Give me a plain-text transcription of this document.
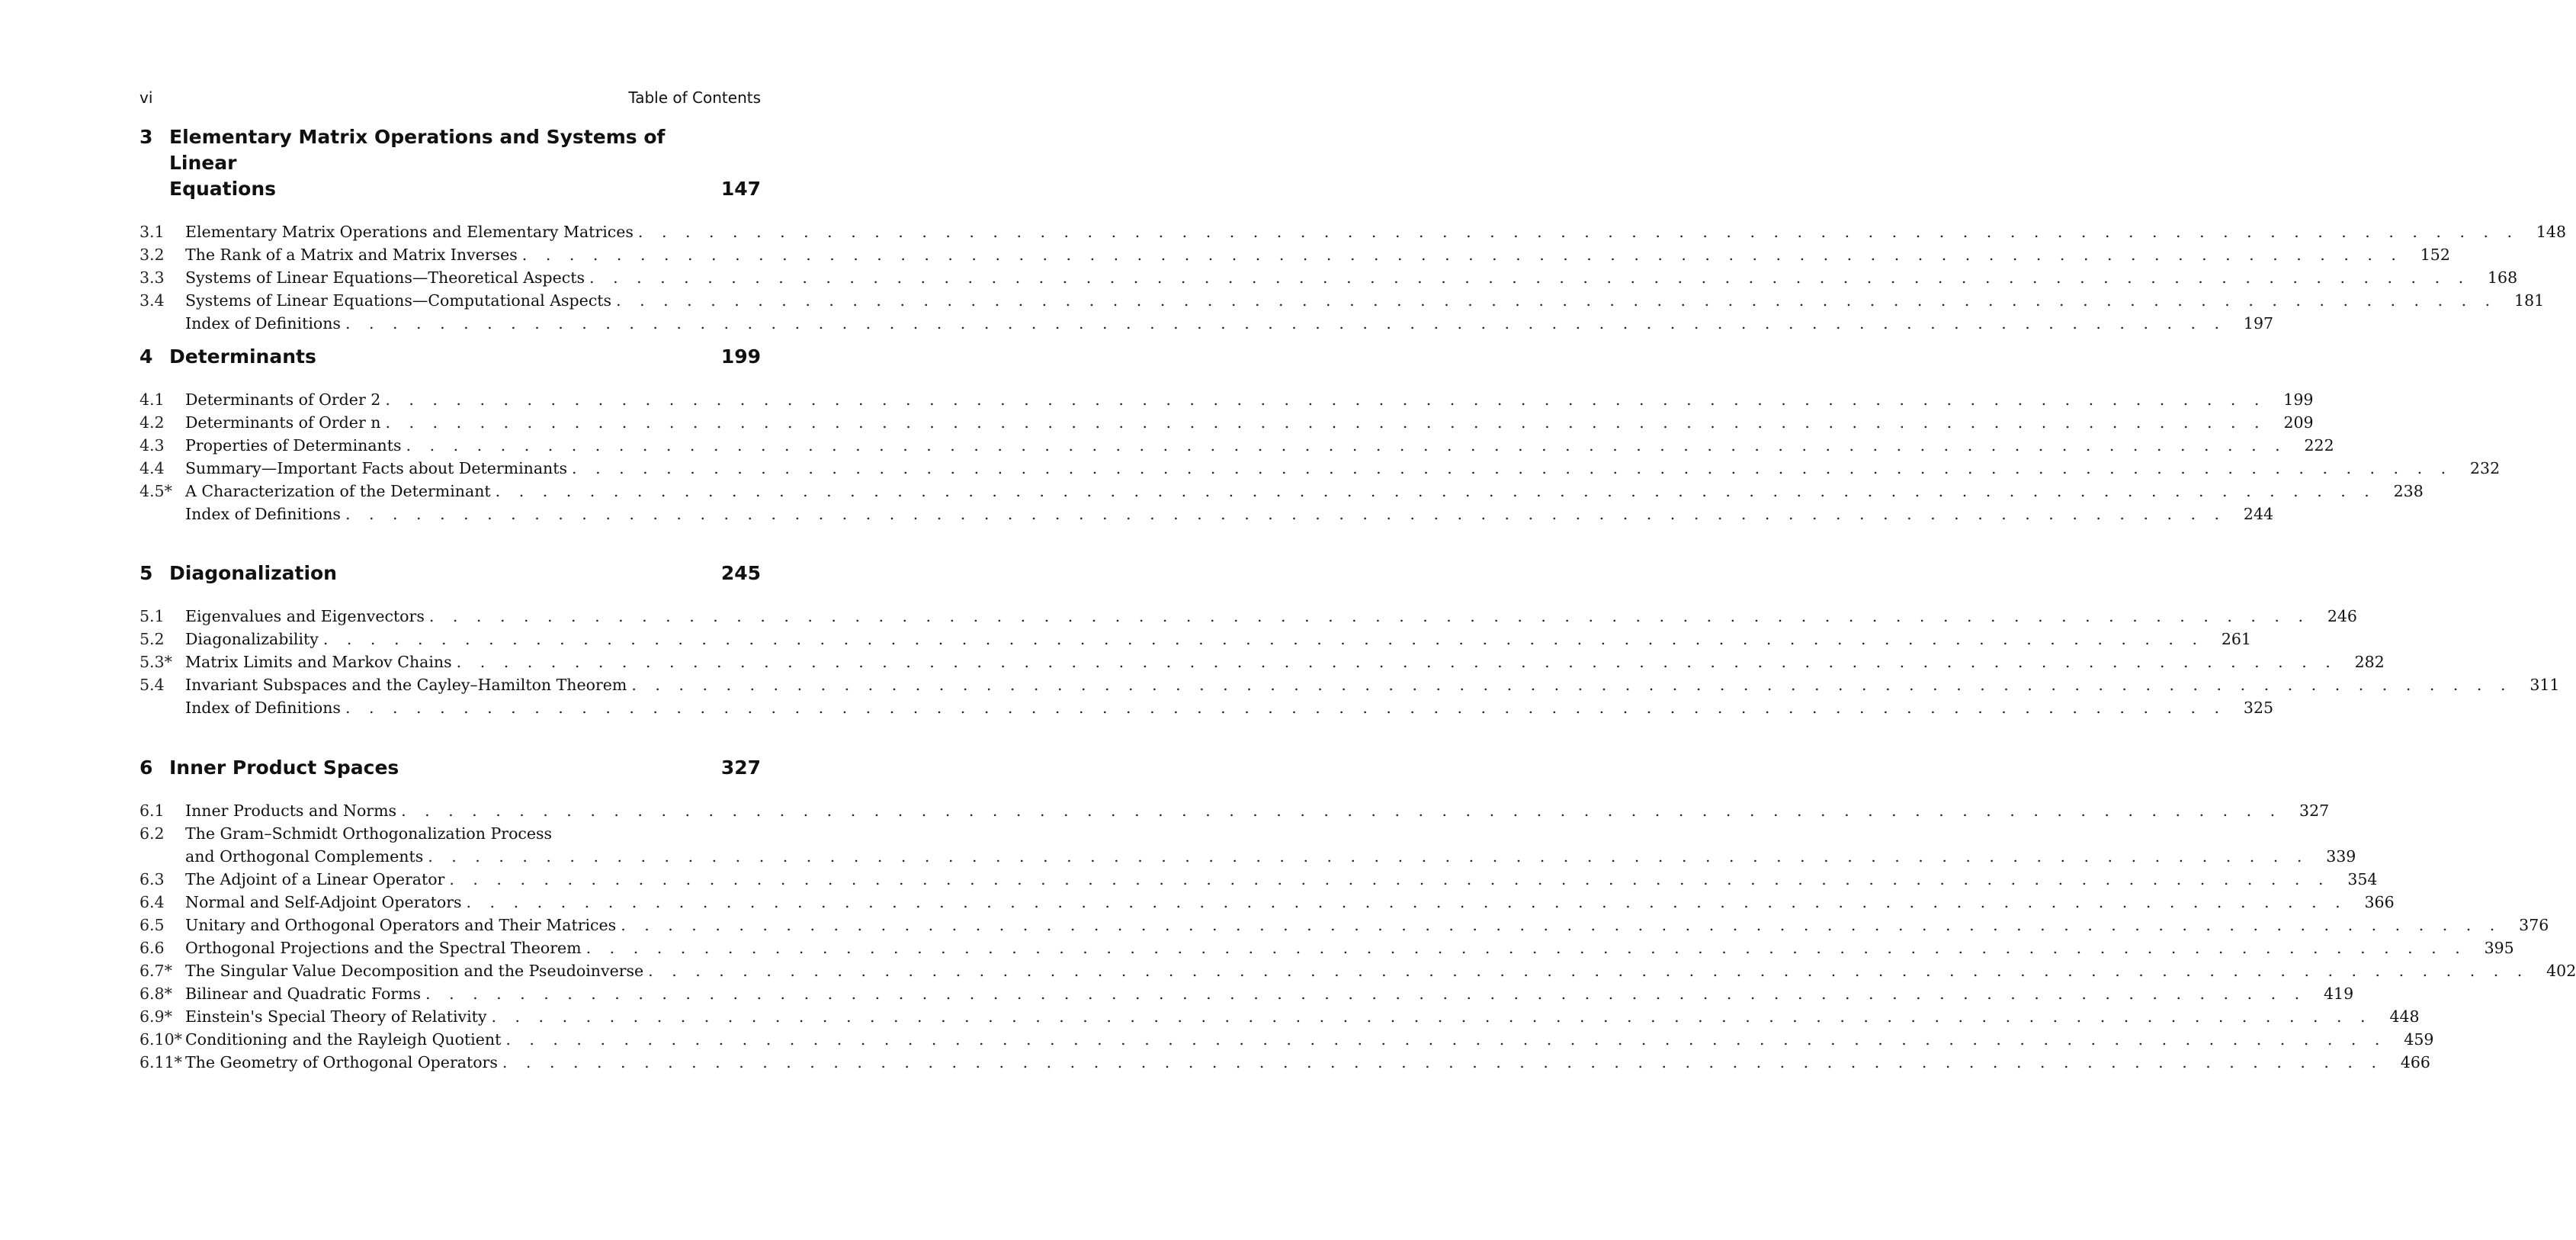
vi	Table of Contents
3 Elementary Matrix Operations and Systems of Linear
Equations	147
3.1	Elementary Matrix Operations and Elementary Matrices . . . . . . . . . . . . . . . . . . . . . . . . . . . . . . . . . . . . . . . . . . . . . . . . . . . . . . . . . . . . . . . . . . . . . . . . . . . . . . . .	148
3.2	The Rank of a Matrix and Matrix Inverses . . . . . . . . . . . . . . . . . . . . . . . . . . . . . . . . . . . . . . . . . . . . . . . . . . . . . . . . . . . . . . . . . . . . . . . . . . . . . . . .	152
3.3	Systems of Linear Equations—Theoretical Aspects . . . . . . . . . . . . . . . . . . . . . . . . . . . . . . . . . . . . . . . . . . . . . . . . . . . . . . . . . . . . . . . . . . . . . . . . . . . . . . . .	168
3.4	Systems of Linear Equations—Computational Aspects . . . . . . . . . . . . . . . . . . . . . . . . . . . . . . . . . . . . . . . . . . . . . . . . . . . . . . . . . . . . . . . . . . . . . . . . . . . . . . . .	181
Index of Definitions . . . . . . . . . . . . . . . . . . . . . . . . . . . . . . . . . . . . . . . . . . . . . . . . . . . . . . . . . . . . . . . . . . . . . . . . . . . . . . . .	197
4 Determinants	199
4.1	Determinants of Order 2 . . . . . . . . . . . . . . . . . . . . . . . . . . . . . . . . . . . . . . . . . . . . . . . . . . . . . . . . . . . . . . . . . . . . . . . . . . . . . . . .	199
4.2	Determinants of Order n . . . . . . . . . . . . . . . . . . . . . . . . . . . . . . . . . . . . . . . . . . . . . . . . . . . . . . . . . . . . . . . . . . . . . . . . . . . . . . . .	209
4.3	Properties of Determinants . . . . . . . . . . . . . . . . . . . . . . . . . . . . . . . . . . . . . . . . . . . . . . . . . . . . . . . . . . . . . . . . . . . . . . . . . . . . . . . .	222
4.4	Summary—Important Facts about Determinants . . . . . . . . . . . . . . . . . . . . . . . . . . . . . . . . . . . . . . . . . . . . . . . . . . . . . . . . . . . . . . . . . . . . . . . . . . . . . . . .	232
4.5* A Characterization of the Determinant . . . . . . . . . . . . . . . . . . . . . . . . . . . . . . . . . . . . . . . . . . . . . . . . . . . . . . . . . . . . . . . . . . . . . . . . . . . . . . . .	238
Index of Definitions . . . . . . . . . . . . . . . . . . . . . . . . . . . . . . . . . . . . . . . . . . . . . . . . . . . . . . . . . . . . . . . . . . . . . . . . . . . . . . . .	244
5 Diagonalization	245
5.1	Eigenvalues and Eigenvectors . . . . . . . . . . . . . . . . . . . . . . . . . . . . . . . . . . . . . . . . . . . . . . . . . . . . . . . . . . . . . . . . . . . . . . . . . . . . . . . .	246
5.2	Diagonalizability . . . . . . . . . . . . . . . . . . . . . . . . . . . . . . . . . . . . . . . . . . . . . . . . . . . . . . . . . . . . . . . . . . . . . . . . . . . . . . . .	261
5.3* Matrix Limits and Markov Chains . . . . . . . . . . . . . . . . . . . . . . . . . . . . . . . . . . . . . . . . . . . . . . . . . . . . . . . . . . . . . . . . . . . . . . . . . . . . . . . .	282
5.4	Invariant Subspaces and the Cayley–Hamilton Theorem . . . . . . . . . . . . . . . . . . . . . . . . . . . . . . . . . . . . . . . . . . . . . . . . . . . . . . . . . . . . . . . . . . . . . . . . . . . . . . . .	311
Index of Definitions . . . . . . . . . . . . . . . . . . . . . . . . . . . . . . . . . . . . . . . . . . . . . . . . . . . . . . . . . . . . . . . . . . . . . . . . . . . . . . . .	325
6 Inner Product Spaces	327
6.1	Inner Products and Norms . . . . . . . . . . . . . . . . . . . . . . . . . . . . . . . . . . . . . . . . . . . . . . . . . . . . . . . . . . . . . . . . . . . . . . . . . . . . . . . .	327
6.2	The Gram–Schmidt Orthogonalization Process
and Orthogonal Complements . . . . . . . . . . . . . . . . . . . . . . . . . . . . . . . . . . . . . . . . . . . . . . . . . . . . . . . . . . . . . . . . . . . . . . . . . . . . . . . .	339
6.3	The Adjoint of a Linear Operator . . . . . . . . . . . . . . . . . . . . . . . . . . . . . . . . . . . . . . . . . . . . . . . . . . . . . . . . . . . . . . . . . . . . . . . . . . . . . . . .	354
6.4	Normal and Self-Adjoint Operators . . . . . . . . . . . . . . . . . . . . . . . . . . . . . . . . . . . . . . . . . . . . . . . . . . . . . . . . . . . . . . . . . . . . . . . . . . . . . . . .	366
6.5	Unitary and Orthogonal Operators and Their Matrices . . . . . . . . . . . . . . . . . . . . . . . . . . . . . . . . . . . . . . . . . . . . . . . . . . . . . . . . . . . . . . . . . . . . . . . . . . . . . . . .	376
6.6	Orthogonal Projections and the Spectral Theorem . . . . . . . . . . . . . . . . . . . . . . . . . . . . . . . . . . . . . . . . . . . . . . . . . . . . . . . . . . . . . . . . . . . . . . . . . . . . . . . .	395
6.7* The Singular Value Decomposition and the Pseudoinverse . . . . . . . . . . . . . . . . . . . . . . . . . . . . . . . . . . . . . . . . . . . . . . . . . . . . . . . . . . . . . . . . . . . . . . . . . . . . . . . .	402
6.8* Bilinear and Quadratic Forms . . . . . . . . . . . . . . . . . . . . . . . . . . . . . . . . . . . . . . . . . . . . . . . . . . . . . . . . . . . . . . . . . . . . . . . . . . . . . . . .	419
6.9* Einstein's Special Theory of Relativity . . . . . . . . . . . . . . . . . . . . . . . . . . . . . . . . . . . . . . . . . . . . . . . . . . . . . . . . . . . . . . . . . . . . . . . . . . . . . . . .	448
6.10* Conditioning and the Rayleigh Quotient . . . . . . . . . . . . . . . . . . . . . . . . . . . . . . . . . . . . . . . . . . . . . . . . . . . . . . . . . . . . . . . . . . . . . . . . . . . . . . . .	459
6.11* The Geometry of Orthogonal Operators . . . . . . . . . . . . . . . . . . . . . . . . . . . . . . . . . . . . . . . . . . . . . . . . . . . . . . . . . . . . . . . . . . . . . . . . . . . . . . . .	466
